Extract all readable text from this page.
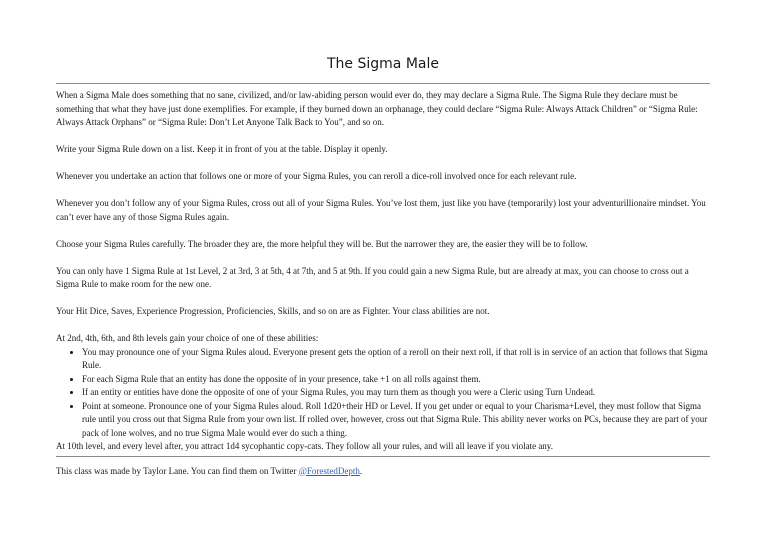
The Sigma Male

When a Sigma Male does something that no sane, civilized, and/or law-abiding person would ever do, they may declare a Sigma Rule. The Sigma Rule they declare must be something that what they have just done exemplifies. For example, if they burned down an orphanage, they could declare “Sigma Rule: Always Attack Children” or “Sigma Rule: Always Attack Orphans” or “Sigma Rule: Don’t Let Anyone Talk Back to You”, and so on.

Write your Sigma Rule down on a list. Keep it in front of you at the table. Display it openly.

Whenever you undertake an action that follows one or more of your Sigma Rules, you can reroll a dice-roll involved once for each relevant rule.

Whenever you don’t follow any of your Sigma Rules, cross out all of your Sigma Rules. You’ve lost them, just like you have (temporarily) lost your adventurillionaire mindset. You can’t ever have any of those Sigma Rules again.

Choose your Sigma Rules carefully. The broader they are, the more helpful they will be. But the narrower they are, the easier they will be to follow.

You can only have 1 Sigma Rule at 1st Level, 2 at 3rd, 3 at 5th, 4 at 7th, and 5 at 9th. If you could gain a new Sigma Rule, but are already at max, you can choose to cross out a Sigma Rule to make room for the new one.

Your Hit Dice, Saves, Experience Progression, Proficiencies, Skills, and so on are as Fighter. Your class abilities are not.

At 2nd, 4th, 6th, and 8th levels gain your choice of one of these abilities:

• You may pronounce one of your Sigma Rules aloud. Everyone present gets the option of a reroll on their next roll, if that roll is in service of an action that follows that Sigma Rule.
• For each Sigma Rule that an entity has done the opposite of in your presence, take +1 on all rolls against them.
• If an entity or entities have done the opposite of one of your Sigma Rules, you may turn them as though you were a Cleric using Turn Undead.
• Point at someone. Pronounce one of your Sigma Rules aloud. Roll 1d20+their HD or Level. If you get under or equal to your Charisma+Level, they must follow that Sigma rule until you cross out that Sigma Rule from your own list. If rolled over, however, cross out that Sigma Rule. This ability never works on PCs, because they are part of your pack of lone wolves, and no true Sigma Male would ever do such a thing.

At 10th level, and every level after, you attract 1d4 sycophantic copy-cats. They follow all your rules, and will all leave if you violate any.

This class was made by Taylor Lane. You can find them on Twitter @ForestedDepth.
